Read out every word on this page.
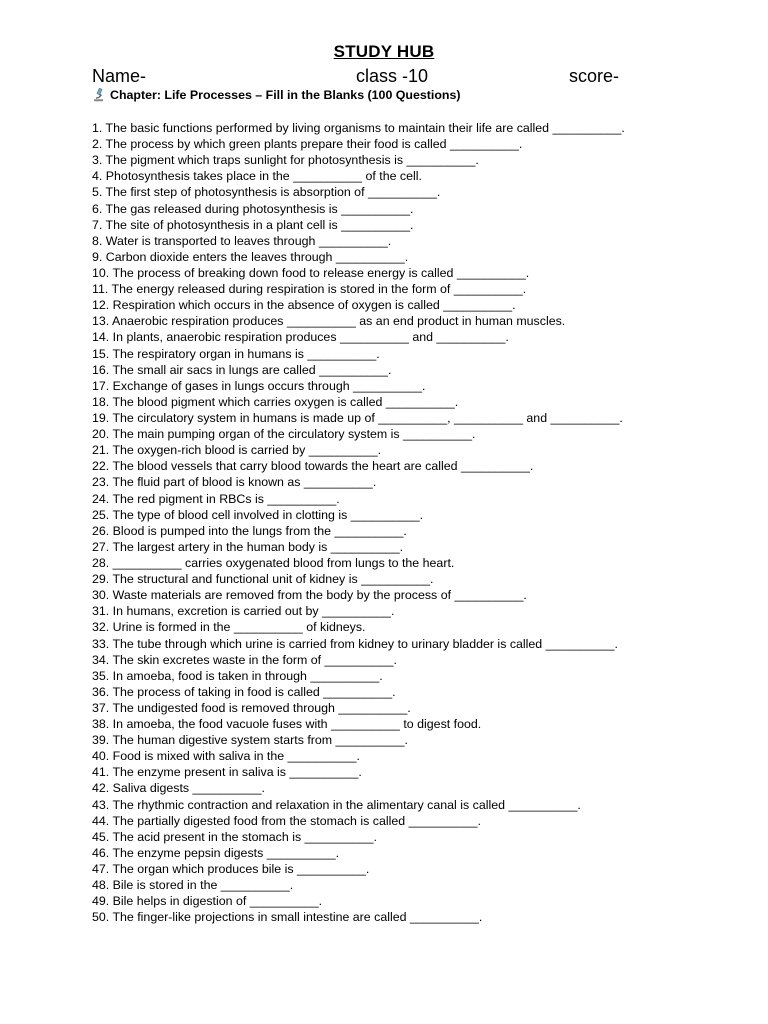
STUDY HUB
Name-	class -10	score-
Chapter: Life Processes – Fill in the Blanks (100 Questions)
1. The basic functions performed by living organisms to maintain their life are called __________.
2. The process by which green plants prepare their food is called __________.
3. The pigment which traps sunlight for photosynthesis is __________.
4. Photosynthesis takes place in the __________ of the cell.
5. The first step of photosynthesis is absorption of __________.
6. The gas released during photosynthesis is __________.
7. The site of photosynthesis in a plant cell is __________.
8. Water is transported to leaves through __________.
9. Carbon dioxide enters the leaves through __________.
10. The process of breaking down food to release energy is called __________.
11. The energy released during respiration is stored in the form of __________.
12. Respiration which occurs in the absence of oxygen is called __________.
13. Anaerobic respiration produces __________ as an end product in human muscles.
14. In plants, anaerobic respiration produces __________ and __________.
15. The respiratory organ in humans is __________.
16. The small air sacs in lungs are called __________.
17. Exchange of gases in lungs occurs through __________.
18. The blood pigment which carries oxygen is called __________.
19. The circulatory system in humans is made up of __________, __________ and __________.
20. The main pumping organ of the circulatory system is __________.
21. The oxygen-rich blood is carried by __________.
22. The blood vessels that carry blood towards the heart are called __________.
23. The fluid part of blood is known as __________.
24. The red pigment in RBCs is __________.
25. The type of blood cell involved in clotting is __________.
26. Blood is pumped into the lungs from the __________.
27. The largest artery in the human body is __________.
28. __________ carries oxygenated blood from lungs to the heart.
29. The structural and functional unit of kidney is __________.
30. Waste materials are removed from the body by the process of __________.
31. In humans, excretion is carried out by __________.
32. Urine is formed in the __________ of kidneys.
33. The tube through which urine is carried from kidney to urinary bladder is called __________.
34. The skin excretes waste in the form of __________.
35. In amoeba, food is taken in through __________.
36. The process of taking in food is called __________.
37. The undigested food is removed through __________.
38. In amoeba, the food vacuole fuses with __________ to digest food.
39. The human digestive system starts from __________.
40. Food is mixed with saliva in the __________.
41. The enzyme present in saliva is __________.
42. Saliva digests __________.
43. The rhythmic contraction and relaxation in the alimentary canal is called __________.
44. The partially digested food from the stomach is called __________.
45. The acid present in the stomach is __________.
46. The enzyme pepsin digests __________.
47. The organ which produces bile is __________.
48. Bile is stored in the __________.
49. Bile helps in digestion of __________.
50. The finger-like projections in small intestine are called __________.
